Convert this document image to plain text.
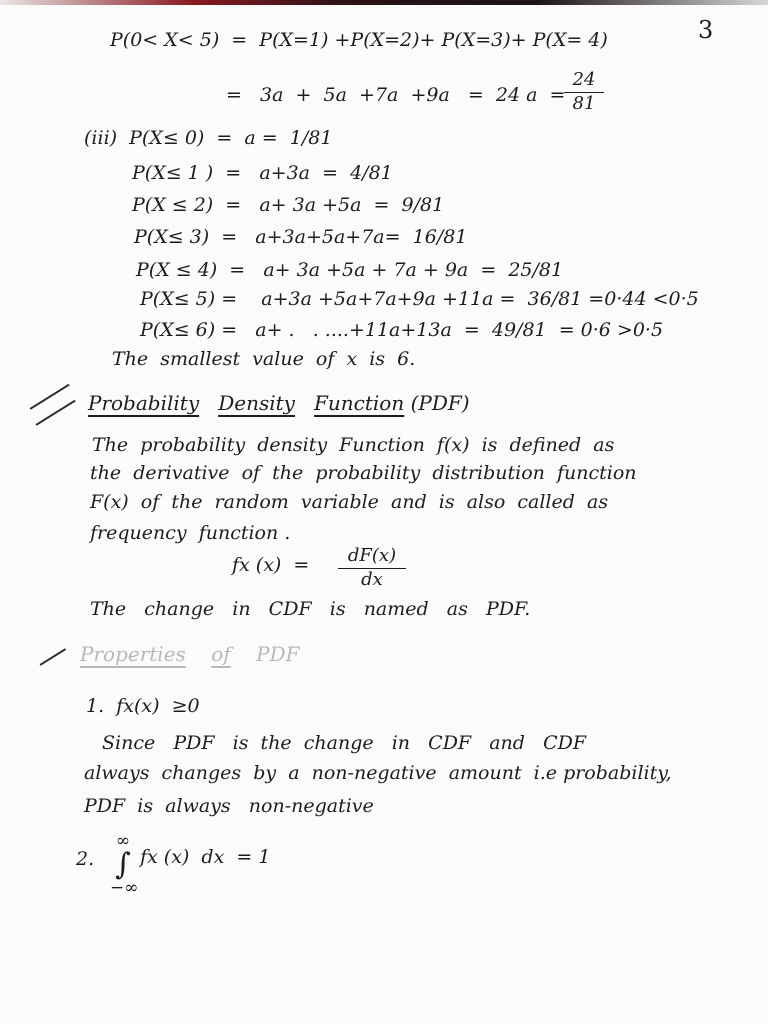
3
P(0< X< 5)  =  P(X=1) +P(X=2)+ P(X=3)+ P(X= 4)
=   3a  +  5a  +7a  +9a   =  24 a  =
$\frac{24}{81}$
(iii)  P(X≤ 0)  =  a =  1/81
P(X≤ 1 )  =   a+3a  =  4/81
P(X ≤ 2)  =   a+ 3a +5a  =  9/81
P(X≤ 3)  =   a+3a+5a+7a=  16/81
P(X ≤ 4)  =   a+ 3a +5a + 7a + 9a  =  25/81
P(X≤ 5) =    a+3a +5a+7a+9a +11a =  36/81 =0·44 <0·5
P(X≤ 6) =   a+ .   . ....+11a+13a  =  49/81  = 0·6 >0·5
The  smallest  value  of  x  is  6.
Probability Density Function (PDF)
The  probability  density  Function  f(x)  is  defined  as
the  derivative  of  the  probability  distribution  function
F(x)  of  the  random  variable  and  is  also  called  as
frequency  function .
fx $(x) = \frac{dF(x)}{dx}$
The   change   in   CDF   is   named   as   PDF.
Properties of PDF
1.  fx(x)  ≥0
Since   PDF   is  the  change   in   CDF   and   CDF
always  changes  by  a  non-negative  amount  i.e probability,
PDF  is  always   non-negative
2.
∞
∫
−∞
fx (x)  dx  = 1
